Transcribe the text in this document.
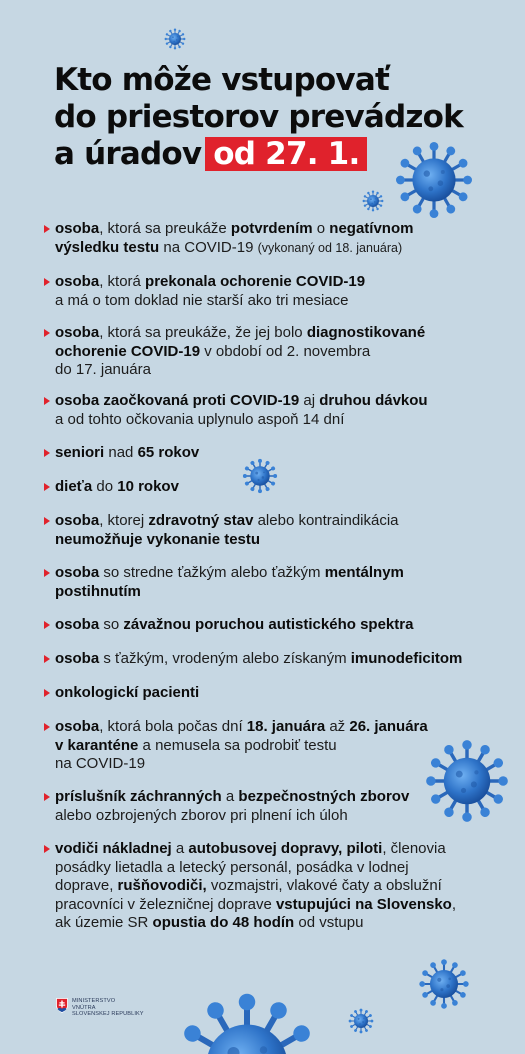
Kto môže vstupovať
do priestorov prevádzok
a úradov od 27. 1.
osoba, ktorá sa preukáže potvrdením o negatívnom
výsledku testu na COVID-19 (vykonaný od 18. januára)
osoba, ktorá prekonala ochorenie COVID-19
a má o tom doklad nie starší ako tri mesiace
osoba, ktorá sa preukáže, že jej bolo diagnostikované
ochorenie COVID-19 v období od 2. novembra
do 17. januára
osoba zaočkovaná proti COVID-19 aj druhou dávkou
a od tohto očkovania uplynulo aspoň 14 dní
seniori nad 65 rokov
dieťa do 10 rokov
osoba, ktorej zdravotný stav alebo kontraindikácia
neumožňuje vykonanie testu
osoba so stredne ťažkým alebo ťažkým mentálnym
postihnutím
osoba so závažnou poruchou autistického spektra
osoba s ťažkým, vrodeným alebo získaným imunodeficitom
onkologickí pacienti
osoba, ktorá bola počas dní 18. januára až 26. januára
v karanténe a nemusela sa podrobiť testu
na COVID-19
príslušník záchranných a bezpečnostných zborov
alebo ozbrojených zborov pri plnení ich úloh
vodiči nákladnej a autobusovej dopravy, piloti, členovia
posádky lietadla a letecký personál, posádka v lodnej
doprave, rušňovodiči, vozmajstri, vlakové čaty a obslužní
pracovníci v železničnej doprave vstupujúci na Slovensko,
ak územie SR opustia do 48 hodín od vstupu
MINISTERSTVO
VNÚTRA
SLOVENSKEJ REPUBLIKY
